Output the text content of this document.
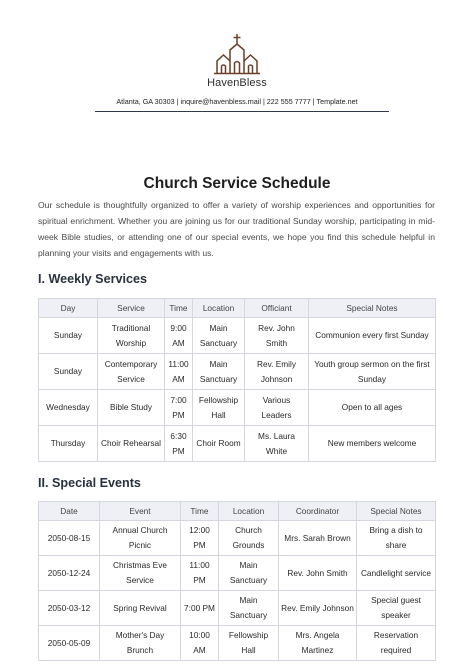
HavenBless
Atlanta, GA 30303 | inquire@havenbless.mail | 222 555 7777 | Template.net
Church Service Schedule

Our schedule is thoughtfully organized to offer a variety of worship experiences and opportunities for spiritual enrichment. Whether you are joining us for our traditional Sunday worship, participating in mid-week Bible studies, or attending one of our special events, we hope you find this schedule helpful in planning your visits and engagements with us.

I. Weekly Services
Day	Service	Time	Location	Officiant	Special Notes
Sunday	Traditional Worship	9:00 AM	Main Sanctuary	Rev. John Smith	Communion every first Sunday
Sunday	Contemporary Service	11:00 AM	Main Sanctuary	Rev. Emily Johnson	Youth group sermon on the first Sunday
Wednesday	Bible Study	7:00 PM	Fellowship Hall	Various Leaders	Open to all ages
Thursday	Choir Rehearsal	6:30 PM	Choir Room	Ms. Laura White	New members welcome
II. Special Events
Date	Event	Time	Location	Coordinator	Special Notes
2050-08-15	Annual Church Picnic	12:00 PM	Church Grounds	Mrs. Sarah Brown	Bring a dish to share
2050-12-24	Christmas Eve Service	11:00 PM	Main Sanctuary	Rev. John Smith	Candlelight service
2050-03-12	Spring Revival	7:00 PM	Main Sanctuary	Rev. Emily Johnson	Special guest speaker
2050-05-09	Mother's Day Brunch	10:00 AM	Fellowship Hall	Mrs. Angela Martinez	Reservation required
